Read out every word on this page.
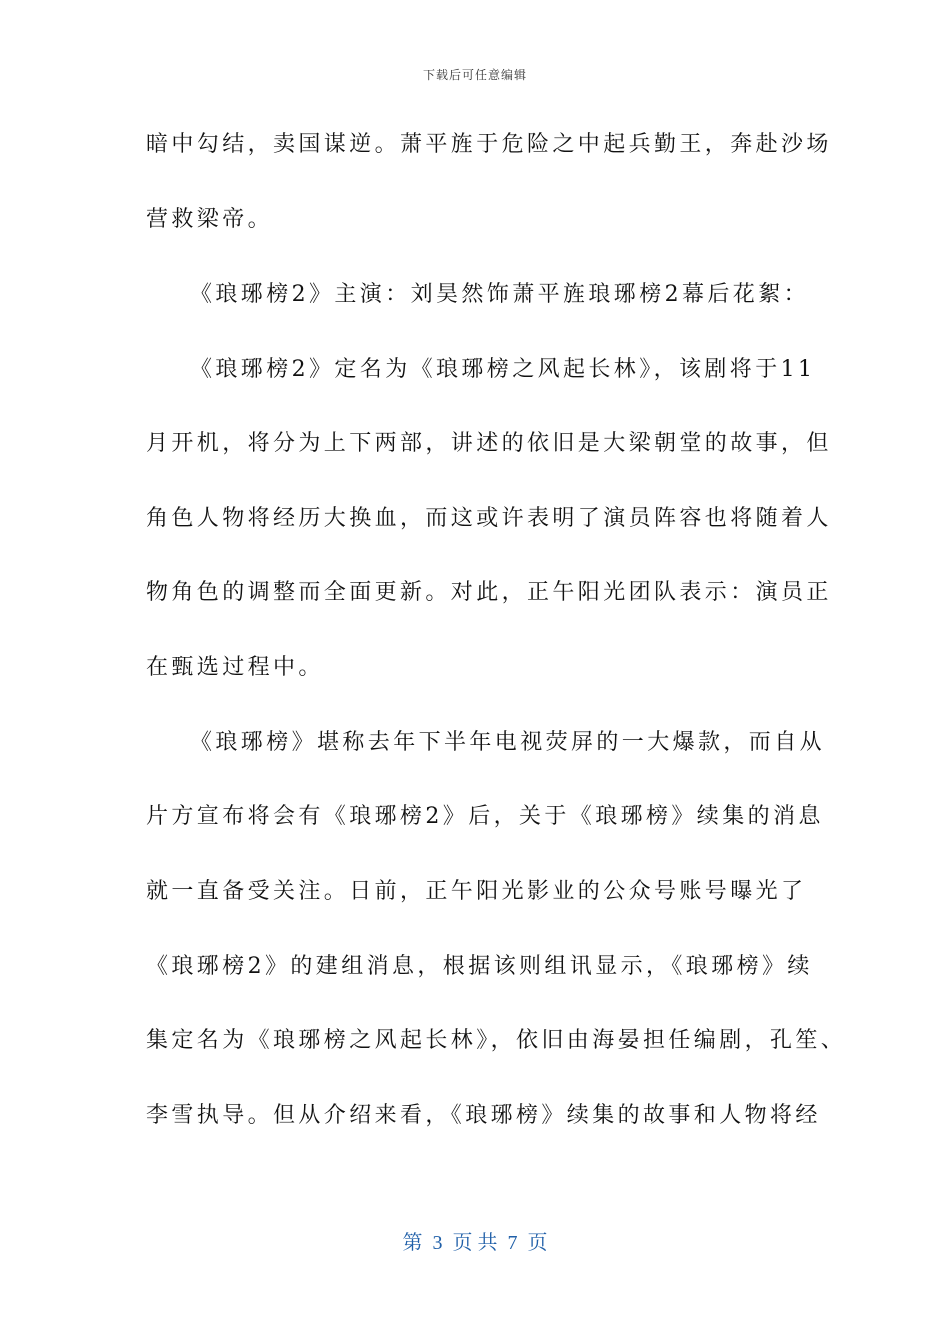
下载后可任意编辑
暗中勾结，卖国谋逆。萧平旌于危险之中起兵勤王，奔赴沙场
营救梁帝。
《琅琊榜2》主演：刘昊然饰萧平旌琅琊榜2幕后花絮：
《琅琊榜2》定名为《琅琊榜之风起长林》，该剧将于11
月开机，将分为上下两部，讲述的依旧是大梁朝堂的故事，但
角色人物将经历大换血，而这或许表明了演员阵容也将随着人
物角色的调整而全面更新。对此，正午阳光团队表示：演员正
在甄选过程中。
《琅琊榜》堪称去年下半年电视荧屏的一大爆款，而自从
片方宣布将会有《琅琊榜2》后，关于《琅琊榜》续集的消息
就一直备受关注。日前，正午阳光影业的公众号账号曝光了
《琅琊榜2》的建组消息，根据该则组讯显示，《琅琊榜》续
集定名为《琅琊榜之风起长林》，依旧由海晏担任编剧，孔笙、
李雪执导。但从介绍来看，《琅琊榜》续集的故事和人物将经
第  3  页 共  7  页
